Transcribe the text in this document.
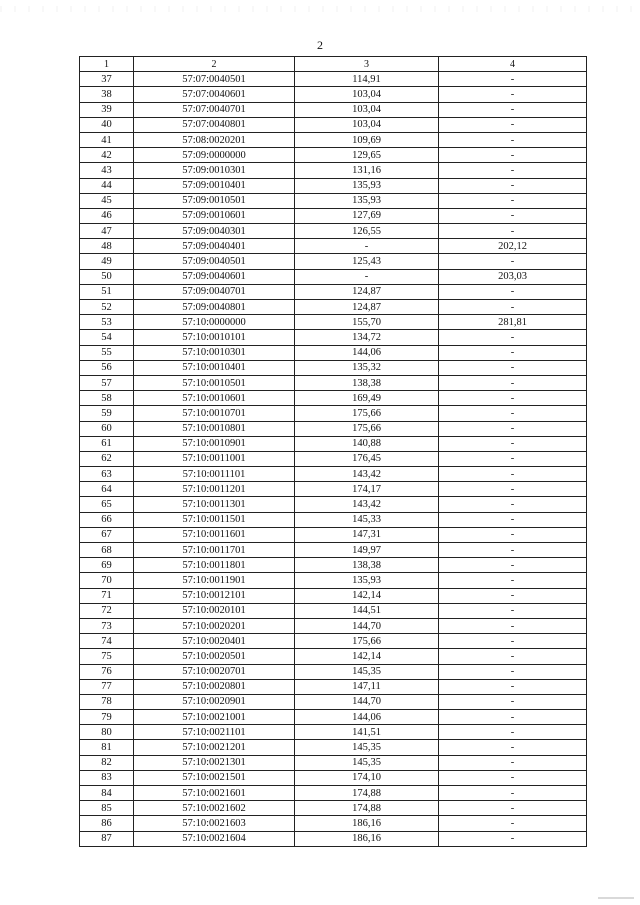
2
1	2	3	4
37	57:07:0040501	114,91	-
38	57:07:0040601	103,04	-
39	57:07:0040701	103,04	-
40	57:07:0040801	103,04	-
41	57:08:0020201	109,69	-
42	57:09:0000000	129,65	-
43	57:09:0010301	131,16	-
44	57:09:0010401	135,93	-
45	57:09:0010501	135,93	-
46	57:09:0010601	127,69	-
47	57:09:0040301	126,55	-
48	57:09:0040401	-	202,12
49	57:09:0040501	125,43	-
50	57:09:0040601	-	203,03
51	57:09:0040701	124,87	-
52	57:09:0040801	124,87	-
53	57:10:0000000	155,70	281,81
54	57:10:0010101	134,72	-
55	57:10:0010301	144,06	-
56	57:10:0010401	135,32	-
57	57:10:0010501	138,38	-
58	57:10:0010601	169,49	-
59	57:10:0010701	175,66	-
60	57:10:0010801	175,66	-
61	57:10:0010901	140,88	-
62	57:10:0011001	176,45	-
63	57:10:0011101	143,42	-
64	57:10:0011201	174,17	-
65	57:10:0011301	143,42	-
66	57:10:0011501	145,33	-
67	57:10:0011601	147,31	-
68	57:10:0011701	149,97	-
69	57:10:0011801	138,38	-
70	57:10:0011901	135,93	-
71	57:10:0012101	142,14	-
72	57:10:0020101	144,51	-
73	57:10:0020201	144,70	-
74	57:10:0020401	175,66	-
75	57:10:0020501	142,14	-
76	57:10:0020701	145,35	-
77	57:10:0020801	147,11	-
78	57:10:0020901	144,70	-
79	57:10:0021001	144,06	-
80	57:10:0021101	141,51	-
81	57:10:0021201	145,35	-
82	57:10:0021301	145,35	-
83	57:10:0021501	174,10	-
84	57:10:0021601	174,88	-
85	57:10:0021602	174,88	-
86	57:10:0021603	186,16	-
87	57:10:0021604	186,16	-
